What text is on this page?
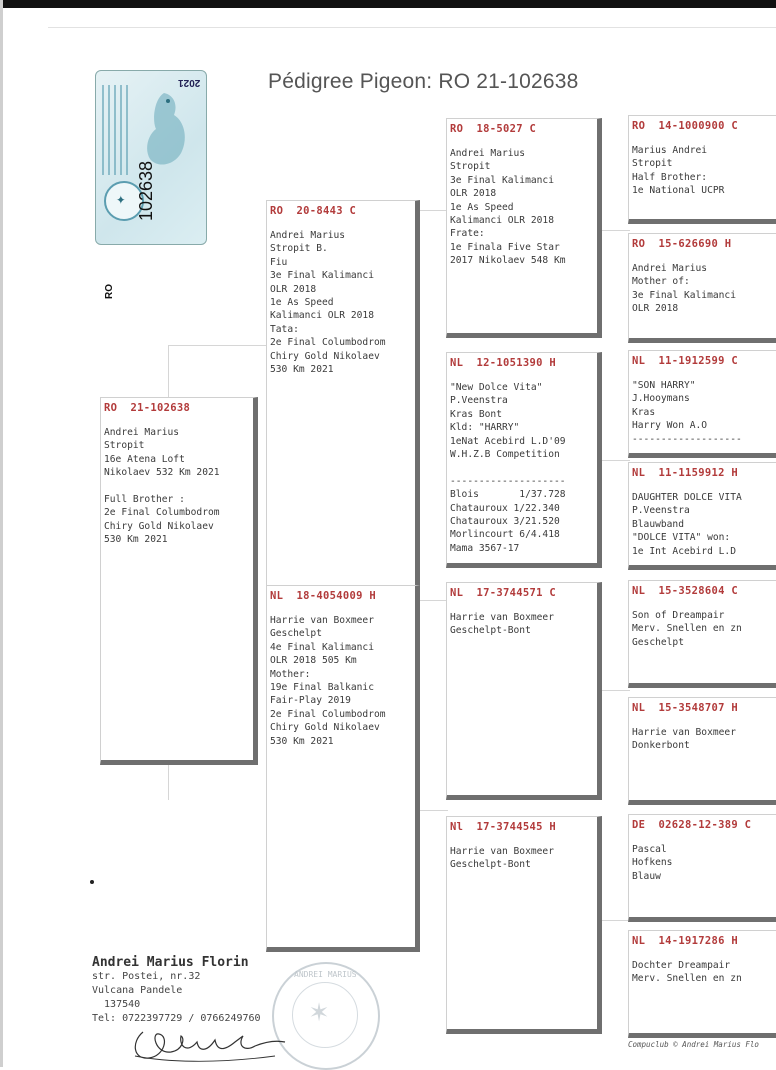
Pédigree Pigeon: RO 21-102638
✦
2021
102638
RO
RO  21-102638
Andrei Marius
Stropit
16e Atena Loft
Nikolaev 532 Km 2021

Full Brother :
2e Final Columbodrom
Chiry Gold Nikolaev
530 Km 2021
RO  20-8443 C
Andrei Marius
Stropit B.
Fiu
3e Final Kalimanci
OLR 2018
1e As Speed
Kalimanci OLR 2018
Tata:
2e Final Columbodrom
Chiry Gold Nikolaev
530 Km 2021
NL  18-4054009 H
Harrie van Boxmeer
Geschelpt
4e Final Kalimanci
OLR 2018 505 Km
Mother:
19e Final Balkanic
Fair-Play 2019
2e Final Columbodrom
Chiry Gold Nikolaev
530 Km 2021
RO  18-5027 C
Andrei Marius
Stropit
3e Final Kalimanci
OLR 2018
1e As Speed
Kalimanci OLR 2018
Frate:
1e Finala Five Star
2017 Nikolaev 548 Km
NL  12-1051390 H
"New Dolce Vita"
P.Veenstra
Kras Bont
Kld: "HARRY"
1eNat Acebird L.D'09
W.H.Z.B Competition

--------------------
Blois       1/37.728
Chatauroux 1/22.340
Chatauroux 3/21.520
Morlincourt 6/4.418
Mama 3567-17
NL  17-3744571 C
Harrie van Boxmeer
Geschelpt-Bont
Nl  17-3744545 H
Harrie van Boxmeer
Geschelpt-Bont
RO  14-1000900 C
Marius Andrei
Stropit
Half Brother:
1e National UCPR
RO  15-626690 H
Andrei Marius
Mother of:
3e Final Kalimanci
OLR 2018
NL  11-1912599 C
"SON HARRY"
J.Hooymans
Kras
Harry Won A.O
-------------------
NL  11-1159912 H
DAUGHTER DOLCE VITA
P.Veenstra
Blauwband
"DOLCE VITA" won:
1e Int Acebird L.D
NL  15-3528604 C
Son of Dreampair
Merv. Snellen en zn
Geschelpt
NL  15-3548707 H
Harrie van Boxmeer
Donkerbont
DE  02628-12-389 C
Pascal
Hofkens
Blauw
NL  14-1917286 H
Dochter Dreampair
Merv. Snellen en zn
Andrei Marius Florin
str. Postei, nr.32
Vulcana Pandele
137540
Tel: 0722397729 / 0766249760
ANDREI MARIUS
✶
Compuclub © Andrei Marius Flo
